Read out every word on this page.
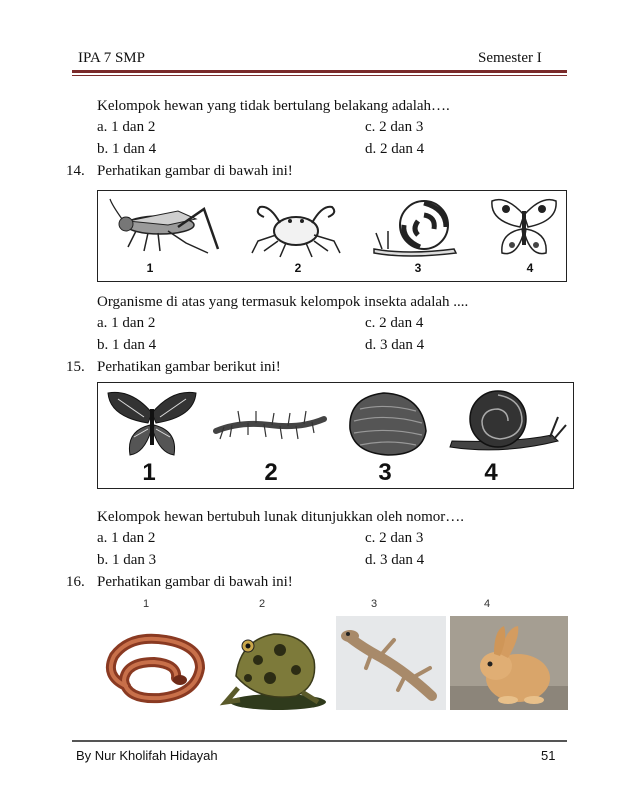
IPA 7 SMP	Semester I
Kelompok hewan yang tidak bertulang belakang adalah….
a. 1 dan 2	c. 2 dan 3
b. 1 dan 4	d. 2 dan 4
14. Perhatikan gambar di bawah ini!
1	2	3	4
Organisme di atas yang termasuk kelompok insekta adalah ....
a. 1 dan 2	c. 2 dan 4
b. 1 dan 4	d. 3 dan 4
15. Perhatikan gambar berikut ini!
1	2	3	4
Kelompok hewan bertubuh lunak ditunjukkan oleh nomor….
a. 1 dan 2	c. 2 dan 3
b. 1 dan 3	d. 3 dan 4
16. Perhatikan gambar di bawah ini!
1	2	3	4
By Nur Kholifah Hidayah	51
